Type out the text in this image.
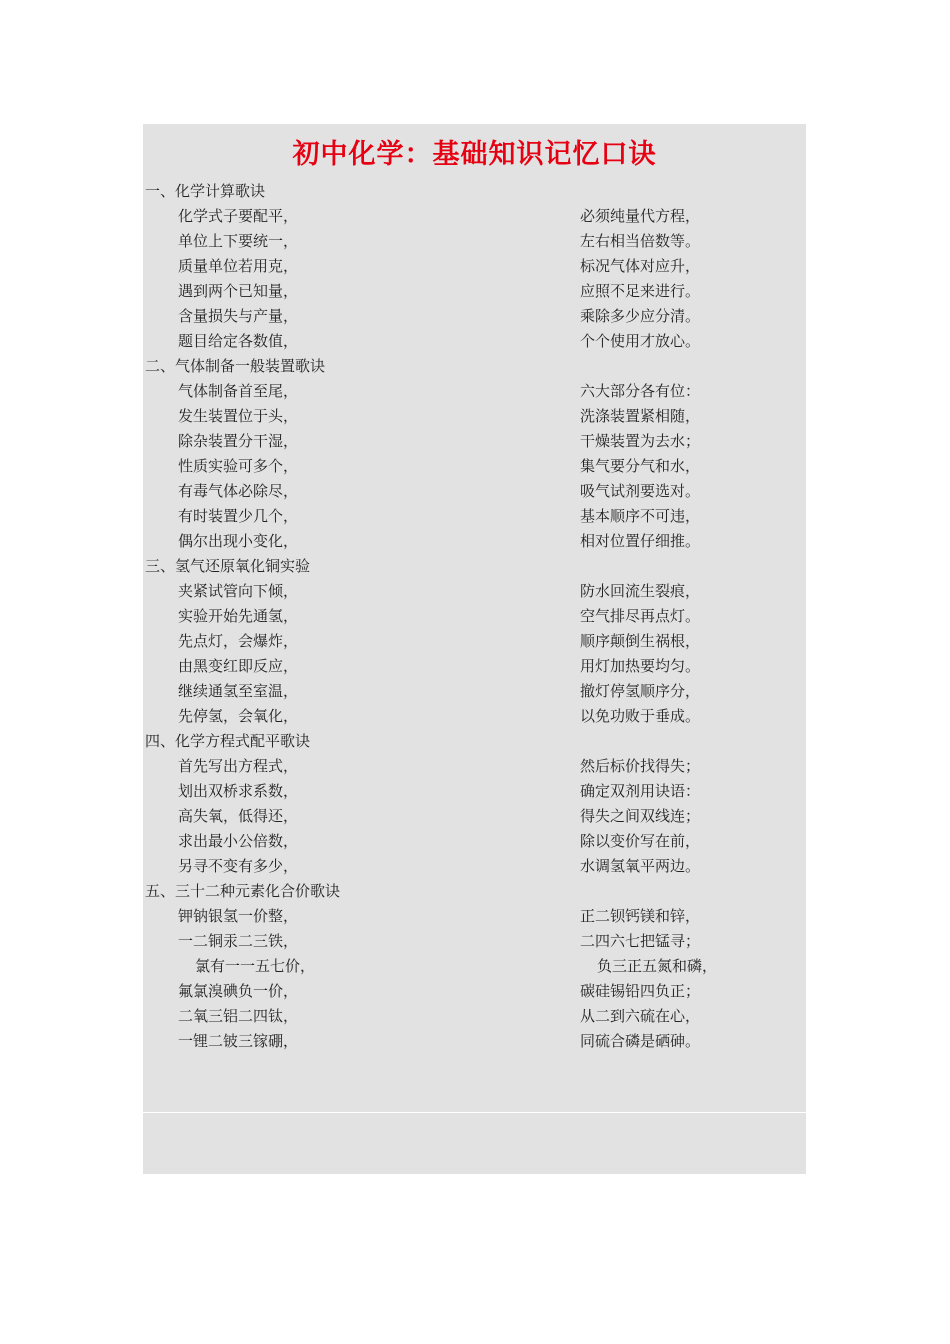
初中化学：基础知识记忆口诀
一、化学计算歌诀
化学式子要配平，	必须纯量代方程，
单位上下要统一，	左右相当倍数等。
质量单位若用克，	标况气体对应升，
遇到两个已知量，	应照不足来进行。
含量损失与产量，	乘除多少应分清。
题目给定各数值，	个个使用才放心。
二、气体制备一般装置歌诀
气体制备首至尾，	六大部分各有位：
发生装置位于头，	洗涤装置紧相随，
除杂装置分干湿，	干燥装置为去水；
性质实验可多个，	集气要分气和水，
有毒气体必除尽，	吸气试剂要选对。
有时装置少几个，	基本顺序不可违，
偶尔出现小变化，	相对位置仔细推。
三、氢气还原氧化铜实验
夹紧试管向下倾，	防水回流生裂痕，
实验开始先通氢，	空气排尽再点灯。
先点灯，会爆炸，	顺序颠倒生祸根，
由黑变红即反应，	用灯加热要均匀。
继续通氢至室温，	撤灯停氢顺序分，
先停氢，会氧化，	以免功败于垂成。
四、化学方程式配平歌诀
首先写出方程式，	然后标价找得失；
划出双桥求系数，	确定双剂用诀语：
高失氧，低得还，	得失之间双线连；
求出最小公倍数，	除以变价写在前，
另寻不变有多少，	水调氢氧平两边。
五、三十二种元素化合价歌诀
钾钠银氢一价整，	正二钡钙镁和锌，
一二铜汞二三铁，	二四六七把锰寻；
氯有一一五七价，	负三正五氮和磷，
氟氯溴碘负一价，	碳硅锡铅四负正；
二氧三铝二四钛，	从二到六硫在心，
一锂二铍三镓硼，	同硫合磷是硒砷。
